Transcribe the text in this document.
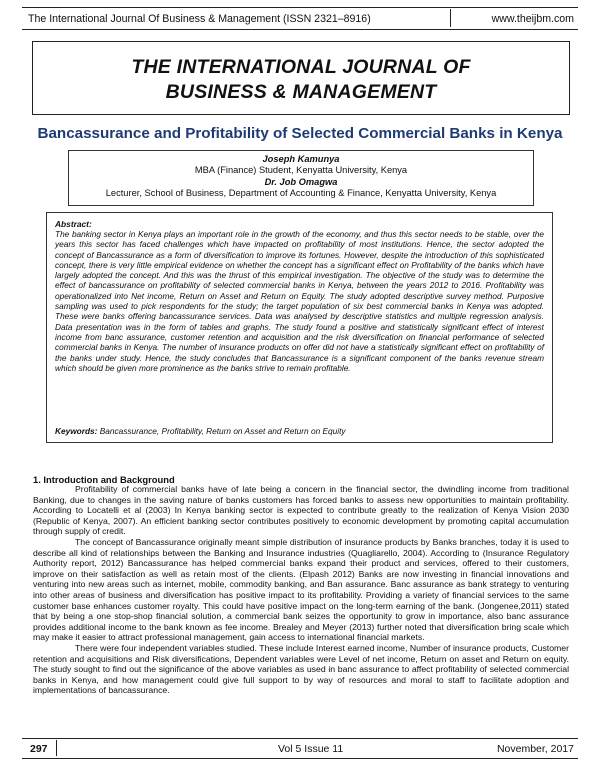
The International Journal Of Business & Management (ISSN 2321–8916)	www.theijbm.com
THE INTERNATIONAL JOURNAL OF
BUSINESS & MANAGEMENT
Bancassurance and Profitability of Selected Commercial Banks in Kenya
Joseph Kamunya
MBA (Finance) Student, Kenyatta University, Kenya
Dr. Job Omagwa
Lecturer, School of Business, Department of Accounting & Finance, Kenyatta University, Kenya
Abstract:
The banking sector in Kenya plays an important role in the growth of the economy, and thus this sector needs to be stable, over the years this sector has faced challenges which have impacted on profitability of most institutions. Hence, the sector adopted the concept of Bancassurance as a form of diversification to improve its fortunes. However, despite the introduction of this sophisticated concept, there is very little empirical evidence on whether the concept has a significant effect on Profitability of the banks which have largely adopted the concept. And this was the thrust of this empirical investigation. The objective of the study was to determine the effect of bancassurance on profitability of selected commercial banks in Kenya, between the years 2012 to 2016. Profitability was operationalized into Net income, Return on Asset and Return on Equity. The study adopted descriptive survey method. Purposive sampling was used to pick respondents for the study; the target population of six best commercial banks in Kenya was adopted. These were banks offering bancassurance services. Data was analysed by descriptive statistics and multiple regression analysis. Data presentation was in the form of tables and graphs. The study found a positive and statistically significant effect of interest income from banc assurance, customer retention and acquisition and the risk diversification on financial performance of selected commercial banks in Kenya. The number of insurance products on offer did not have a statistically significant effect on profitability of the banks under study. Hence, the study concludes that Bancassurance is a significant component of the banks revenue stream which should be given more prominence as the banks strive to remain profitable.
Keywords: Bancassurance, Profitability, Return on Asset and Return on Equity
1. Introduction and Background

Profitability of commercial banks have of late being a concern in the financial sector, the dwindling income from traditional Banking, due to changes in the saving nature of banks customers has forced banks to assess new opportunities to maintain profitability. According to Locatelli et al (2003) In Kenya banking sector is expected to contribute greatly to the realization of Kenya Vision 2030 (Republic of Kenya, 2007). An efficient banking sector contributes positively to economic development by promoting capital accumulation through supply of credit.

The concept of Bancassurance originally meant simple distribution of insurance products by Banks branches, today it is used to describe all kind of relationships between the Banking and Insurance industries (Quagliarello, 2004). According to (Insurance Regulatory Authority report, 2012) Bancassurance has helped commercial banks expand their product and services, offered to their customers, improve on their satisfaction as well as retain most of the clients. (Elpash 2012) Banks are now investing in financial innovations and venturing into new areas such as internet, mobile, commodity banking, and Ban assurance. Banc assurance as bank strategy to venturing into other areas of business and diversification has positive impact to its profitability. Providing a variety of financial services to the same customer base enhances customer royalty. This could have positive impact on the long-term earning of the bank. (Jongenee,2011) stated that by being a one stop-shop financial solution, a commercial bank seizes the opportunity to grow in importance, also banc assurance provides additional income to the bank known as fee income. Brealey and Meyer (2013) further noted that diversification bring scale which may make it easier to attract professional management, gain access to international financial markets.

There were four independent variables studied. These include Interest earned income, Number of insurance products, Customer retention and acquisitions and Risk diversifications, Dependent variables were Level of net income, Return on asset and Return on equity. The study sought to find out the significance of the above variables as used in banc assurance to affect profitability of selected commercial banks in Kenya, and how management could give full support to by way of resources and moral to staff to facilitate adoption and implementations of bancassurance.

297	Vol 5 Issue 11	November, 2017
